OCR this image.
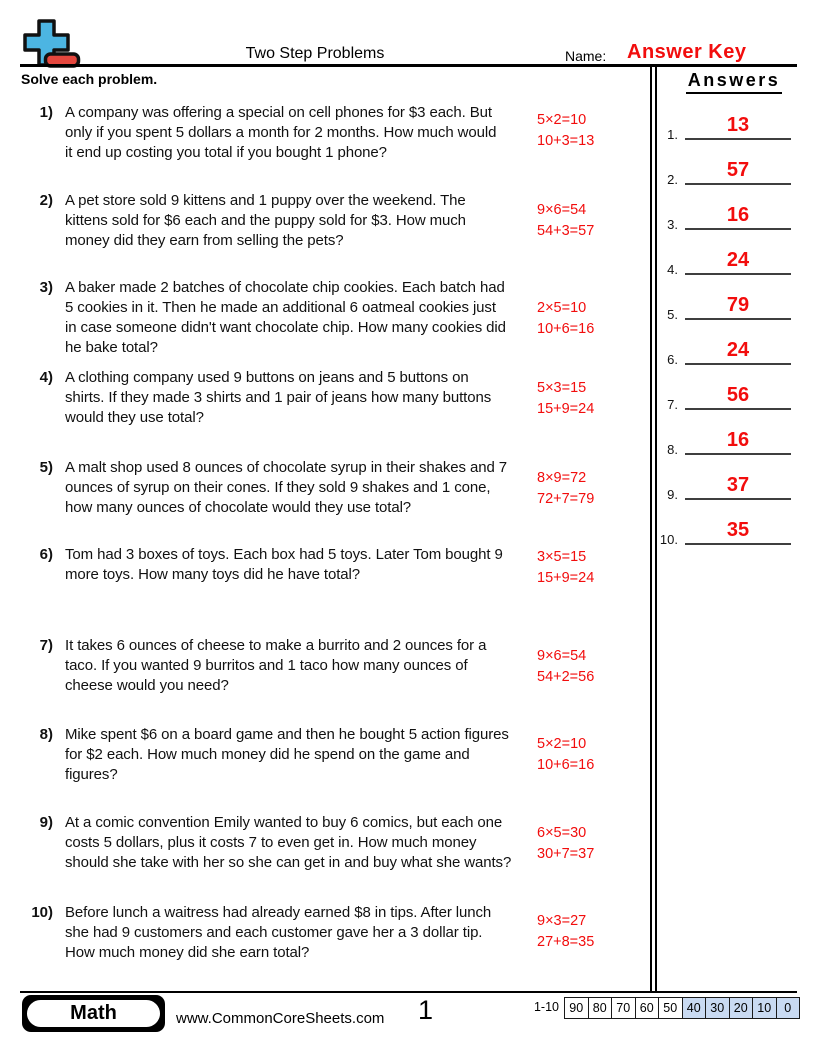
Two Step Problems	Name: Answer Key
Solve each problem.	Answers
1) A company was offering a special on cell phones for $3 each. But
only if you spent 5 dollars a month for 2 months. How much would
it end up costing you total if you bought 1 phone?
5×2=10
10+3=13
2) A pet store sold 9 kittens and 1 puppy over the weekend. The
kittens sold for $6 each and the puppy sold for $3. How much
money did they earn from selling the pets?
9×6=54
54+3=57
3) A baker made 2 batches of chocolate chip cookies. Each batch had
5 cookies in it. Then he made an additional 6 oatmeal cookies just
in case someone didn't want chocolate chip. How many cookies did
he bake total?
2×5=10
10+6=16
4) A clothing company used 9 buttons on jeans and 5 buttons on
shirts. If they made 3 shirts and 1 pair of jeans how many buttons
would they use total?
5×3=15
15+9=24
5) A malt shop used 8 ounces of chocolate syrup in their shakes and 7
ounces of syrup on their cones. If they sold 9 shakes and 1 cone,
how many ounces of chocolate would they use total?
8×9=72
72+7=79
6) Tom had 3 boxes of toys. Each box had 5 toys. Later Tom bought 9
more toys. How many toys did he have total?
3×5=15
15+9=24
7) It takes 6 ounces of cheese to make a burrito and 2 ounces for a
taco. If you wanted 9 burritos and 1 taco how many ounces of
cheese would you need?
9×6=54
54+2=56
8) Mike spent $6 on a board game and then he bought 5 action figures
for $2 each. How much money did he spend on the game and
figures?
5×2=10
10+6=16
9) At a comic convention Emily wanted to buy 6 comics, but each one
costs 5 dollars, plus it costs 7 to even get in. How much money
should she take with her so she can get in and buy what she wants?
6×5=30
30+7=37
10) Before lunch a waitress had already earned $8 in tips. After lunch
she had 9 customers and each customer gave her a 3 dollar tip.
How much money did she earn total?
9×3=27
27+8=35
1.	13
2.	57
3.	16
4.	24
5.	79
6.	24
7.	56
8.	16
9.	37
10.	35
Math	www.CommonCoreSheets.com 1	1-10 90 80 70 60 50 40 30 20 10	0
